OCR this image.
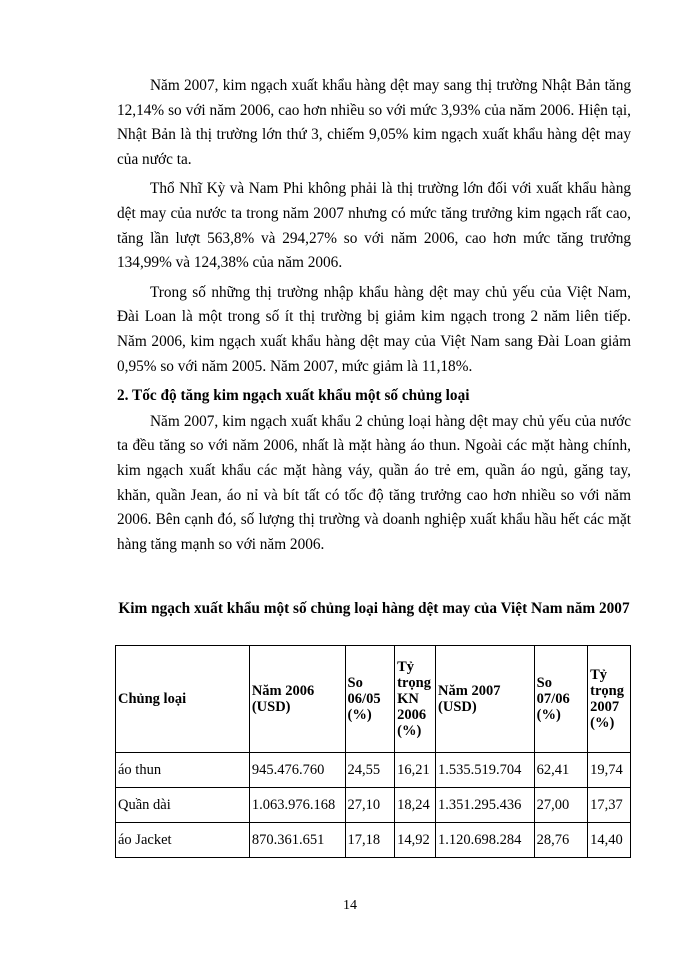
Năm 2007, kim ngạch xuất khẩu hàng dệt may sang thị trường Nhật Bản tăng 12,14% so với năm 2006, cao hơn nhiều so với mức 3,93% của năm 2006. Hiện tại, Nhật Bản là thị trường lớn thứ 3, chiếm 9,05% kim ngạch xuất khẩu hàng dệt may của nước ta.

Thổ Nhĩ Kỳ và Nam Phi không phải là thị trường lớn đối với xuất khẩu hàng dệt may của nước ta trong năm 2007 nhưng có mức tăng trưởng kim ngạch rất cao, tăng lần lượt 563,8% và 294,27% so với năm 2006, cao hơn mức tăng trưởng 134,99% và 124,38% của năm 2006.

Trong số những thị trường nhập khẩu hàng dệt may chủ yếu của Việt Nam, Đài Loan là một trong số ít thị trường bị giảm kim ngạch trong 2 năm liên tiếp. Năm 2006, kim ngạch xuất khẩu hàng dệt may của Việt Nam sang Đài Loan giảm 0,95% so với năm 2005. Năm 2007, mức giảm là 11,18%.

2. Tốc độ tăng kim ngạch xuất khẩu một số chủng loại

Năm 2007, kim ngạch xuất khẩu 2 chủng loại hàng dệt may chủ yếu của nước ta đều tăng so với năm 2006, nhất là mặt hàng áo thun. Ngoài các mặt hàng chính, kim ngạch xuất khẩu các mặt hàng váy, quần áo trẻ em, quần áo ngủ, găng tay, khăn, quần Jean, áo nỉ và bít tất có tốc độ tăng trưởng cao hơn nhiều so với năm 2006. Bên cạnh đó, số lượng thị trường và doanh nghiệp xuất khẩu hầu hết các mặt hàng tăng mạnh so với năm 2006.

Kim ngạch xuất khẩu một số chủng loại hàng dệt may của Việt Nam năm 2007
Chủng loại	Năm 2006 (USD)	So 06/05 (%)	Tỷ trọng KN 2006 (%)	Năm 2007 (USD)	So 07/06 (%)	Tỷ trọng 2007 (%)
áo thun	945.476.760	24,55	16,21	1.535.519.704	62,41	19,74
Quần dài	1.063.976.168	27,10	18,24	1.351.295.436	27,00	17,37
áo Jacket	870.361.651	17,18	14,92	1.120.698.284	28,76	14,40
14
